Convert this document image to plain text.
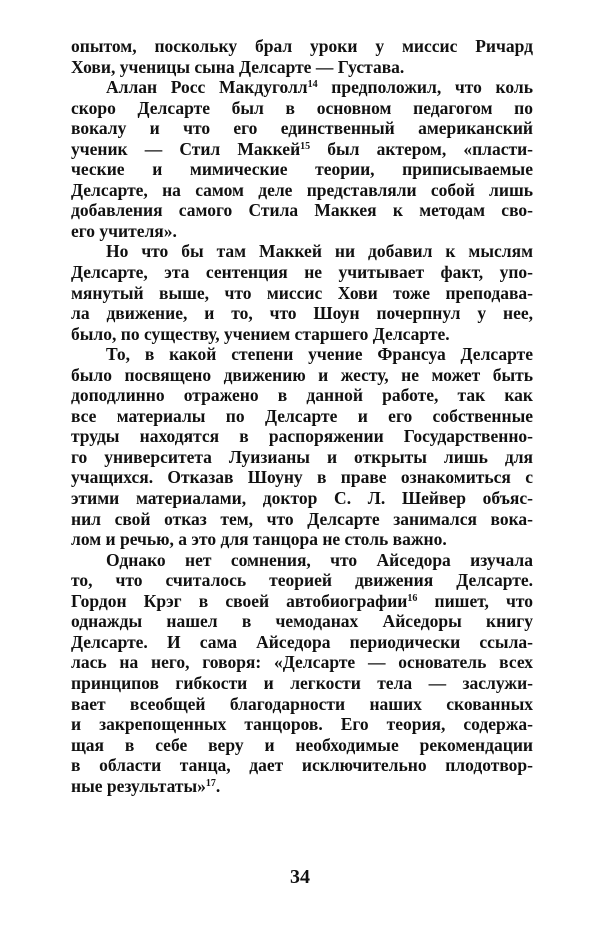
опытом, поскольку брал уроки у миссис Ричард
Хови, ученицы сына Делсарте — Густава.
Аллан Росс Макдуголл$^{14}$ предположил, что коль
скоро Делсарте был в основном педагогом по
вокалу и что его единственный американский
ученик — Стил Маккей$^{15}$ был актером, «пласти-
ческие и мимические теории, приписываемые
Делсарте, на самом деле представляли собой лишь
добавления самого Стила Маккея к методам сво-
его учителя».
Но что бы там Маккей ни добавил к мыслям
Делсарте, эта сентенция не учитывает факт, упо-
мянутый выше, что миссис Хови тоже преподава-
ла движение, и то, что Шоун почерпнул у нее,
было, по существу, учением старшего Делсарте.
То, в какой степени учение Франсуа Делсарте
было посвящено движению и жесту, не может быть
доподлинно отражено в данной работе, так как
все материалы по Делсарте и его собственные
труды находятся в распоряжении Государственно-
го университета Луизианы и открыты лишь для
учащихся. Отказав Шоуну в праве ознакомиться с
этими материалами, доктор С. Л. Шейвер объяс-
нил свой отказ тем, что Делсарте занимался вока-
лом и речью, а это для танцора не столь важно.
Однако нет сомнения, что Айседора изучала
то, что считалось теорией движения Делсарте.
Гордон Крэг в своей автобиографии$^{16}$ пишет, что
однажды нашел в чемоданах Айседоры книгу
Делсарте. И сама Айседора периодически ссыла-
лась на него, говоря: «Делсарте — основатель всех
принципов гибкости и легкости тела — заслужи-
вает всеобщей благодарности наших скованных
и закрепощенных танцоров. Его теория, содержа-
щая в себе веру и необходимые рекомендации
в области танца, дает исключительно плодотвор-
ные результаты»$^{17}$.
34
